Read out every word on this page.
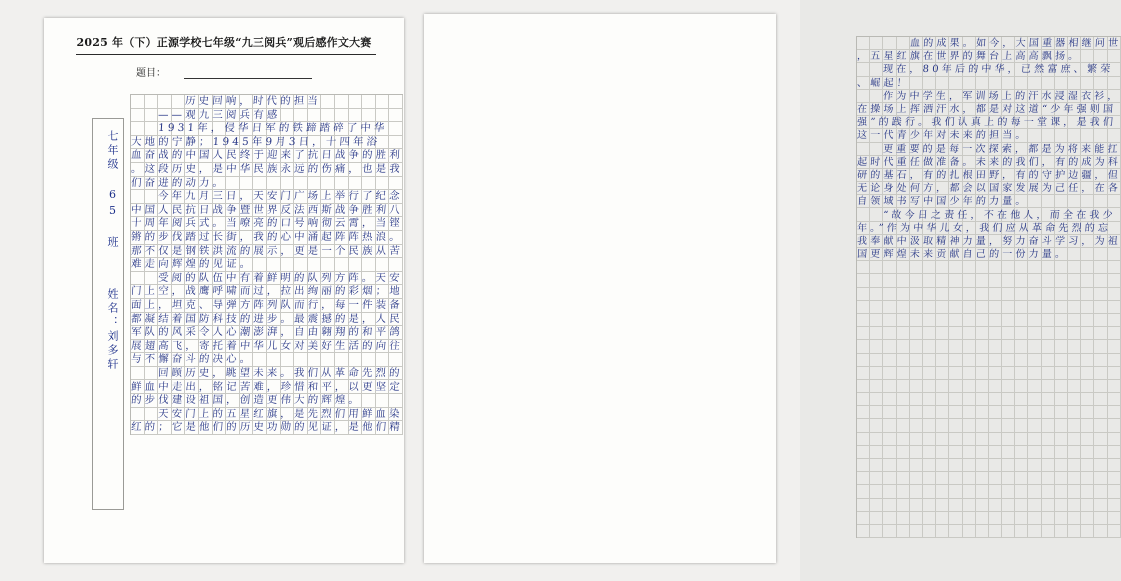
2025 年（下）正源学校七年级“九三阅兵”观后感作文大赛
题目：
七年级 65 班
姓名：刘多轩
历史回响，时代的担当
——观九三阅兵有感
1931年，侵华日军的铁蹄踏碎了中华
大地的宁静；1945年9月3日，十四年浴
血奋战的中国人民终于迎来了抗日战争的胜利
。这段历史，是中华民族永远的伤痛，也是我
们奋进的动力。
今年九月三日，天安门广场上举行了纪念
中国人民抗日战争暨世界反法西斯战争胜利八
十周年阅兵式。当嘹亮的口号响彻云霄，当铿
锵的步伐踏过长街，我的心中涌起阵阵热浪。
那不仅是钢铁洪流的展示，更是一个民族从苦
难走向辉煌的见证。
受阅的队伍中有着鲜明的队列方阵。天安
门上空，战鹰呼啸而过，拉出绚丽的彩烟；地
面上，坦克、导弹方阵列队而行，每一件装备
都凝结着国防科技的进步。最震撼的是，人民
军队的风采令人心潮澎湃，自由翱翔的和平鸽
展翅高飞，寄托着中华儿女对美好生活的向往
与不懈奋斗的决心。
回顾历史，眺望未来。我们从革命先烈的
鲜血中走出，铭记苦难，珍惜和平，以更坚定
的步伐建设祖国，创造更伟大的辉煌。
天安门上的五星红旗，是先烈们用鲜血染
红的；它是他们的历史功勋的见证，是他们精
血的成果。如今，大国重器相继问世
，五星红旗在世界的舞台上高高飘扬。
现在，80年后的中华，已然富庶、繁荣
、崛起！
作为中学生，军训场上的汗水浸湿衣衫，
在操场上挥洒汗水，都是对这道“少年强则国
强”的践行。我们认真上的每一堂课，是我们
这一代青少年对未来的担当。
更重要的是每一次探索，都是为将来能扛
起时代重任做准备。未来的我们，有的成为科
研的基石，有的扎根田野，有的守护边疆，但
无论身处何方，都会以国家发展为己任，在各
自领域书写中国少年的力量。
“故今日之责任，不在他人，而全在我少
年。”作为中华儿女，我们应从革命先烈的忘
我奉献中汲取精神力量，努力奋斗学习，为祖
国更辉煌未来贡献自己的一份力量。
